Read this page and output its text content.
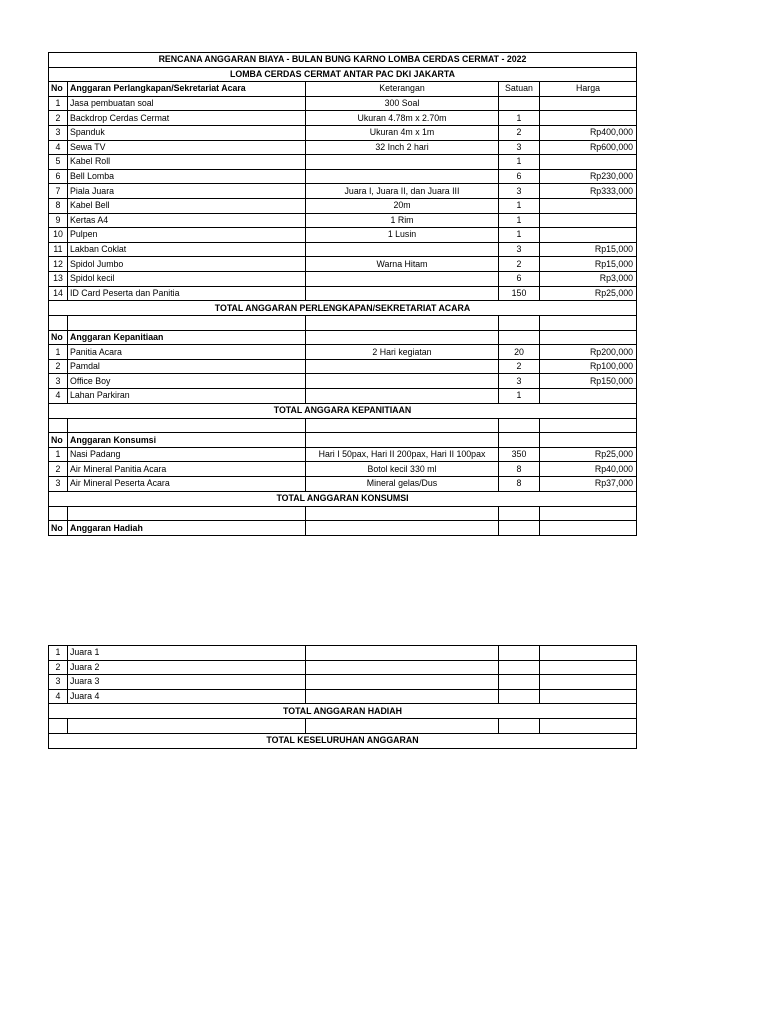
RENCANA ANGGARAN BIAYA - BULAN BUNG KARNO LOMBA CERDAS CERMAT - 2022				
LOMBA CERDAS CERMAT ANTAR PAC DKI JAKARTA				
No	Anggaran Perlangkapan/Sekretariat Acara	Keterangan	Satuan	Harga
1	Jasa pembuatan soal	300 Soal		
2	Backdrop Cerdas Cermat	Ukuran 4.78m x 2.70m	1	
3	Spanduk	Ukuran 4m x 1m	2	Rp400,000
4	Sewa TV	32 Inch 2 hari	3	Rp600,000
5	Kabel Roll		1	
6	Bell Lomba		6	Rp230,000
7	Piala Juara	Juara I, Juara II, dan Juara III	3	Rp333,000
8	Kabel Bell	20m	1	
9	Kertas A4	1 Rim	1	
10	Pulpen	1 Lusin	1	
11	Lakban Coklat		3	Rp15,000
12	Spidol Jumbo	Warna Hitam	2	Rp15,000
13	Spidol kecil		6	Rp3,000
14	ID Card Peserta dan Panitia		150	Rp25,000
TOTAL ANGGARAN PERLENGKAPAN/SEKRETARIAT ACARA				

No	Anggaran Kepanitiaan			
1	Panitia Acara	2 Hari kegiatan	20	Rp200,000
2	Pamdal		2	Rp100,000
3	Office Boy		3	Rp150,000
4	Lahan Parkiran		1	
TOTAL ANGGARA KEPANITIAAN				

No	Anggaran Konsumsi			
1	Nasi Padang	Hari I 50pax, Hari II 200pax, Hari II 100pax	350	Rp25,000
2	Air Mineral Panitia Acara	Botol kecil 330 ml	8	Rp40,000
3	Air Mineral Peserta Acara	Mineral gelas/Dus	8	Rp37,000
TOTAL ANGGARAN KONSUMSI				

No	Anggaran Hadiah			
1	Juara 1			
2	Juara 2			
3	Juara 3			
4	Juara 4			
TOTAL ANGGARAN HADIAH				

TOTAL KESELURUHAN ANGGARAN				
